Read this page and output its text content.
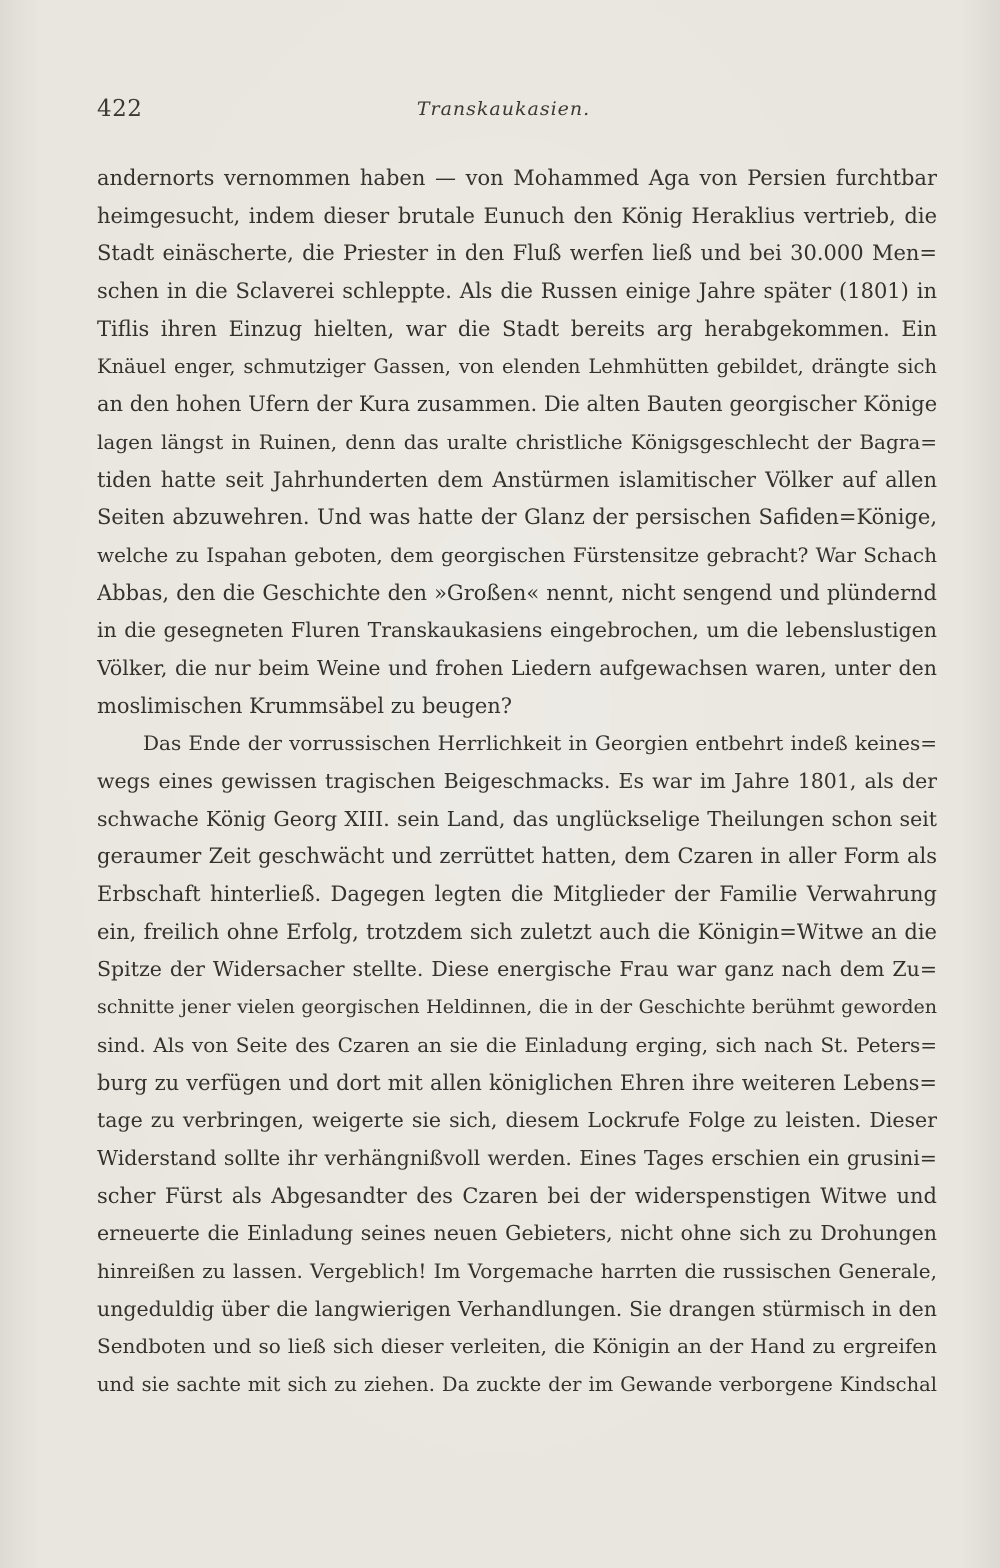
422	Transkaukasien.
andernorts vernommen haben — von Mohammed Aga von Persien furchtbar
heimgesucht, indem dieser brutale Eunuch den König Heraklius vertrieb, die
Stadt einäscherte, die Priester in den Fluß werfen ließ und bei 30.000 Men=
schen in die Sclaverei schleppte. Als die Russen einige Jahre später (1801) in
Tiflis ihren Einzug hielten, war die Stadt bereits arg herabgekommen. Ein
Knäuel enger, schmutziger Gassen, von elenden Lehmhütten gebildet, drängte sich
an den hohen Ufern der Kura zusammen. Die alten Bauten georgischer Könige
lagen längst in Ruinen, denn das uralte christliche Königsgeschlecht der Bagra=
tiden hatte seit Jahrhunderten dem Anstürmen islamitischer Völker auf allen
Seiten abzuwehren. Und was hatte der Glanz der persischen Safiden=Könige,
welche zu Ispahan geboten, dem georgischen Fürstensitze gebracht? War Schach
Abbas, den die Geschichte den »Großen« nennt, nicht sengend und plündernd
in die gesegneten Fluren Transkaukasiens eingebrochen, um die lebenslustigen
Völker, die nur beim Weine und frohen Liedern aufgewachsen waren, unter den
moslimischen Krummsäbel zu beugen?
Das Ende der vorrussischen Herrlichkeit in Georgien entbehrt indeß keines=
wegs eines gewissen tragischen Beigeschmacks. Es war im Jahre 1801, als der
schwache König Georg XIII. sein Land, das unglückselige Theilungen schon seit
geraumer Zeit geschwächt und zerrüttet hatten, dem Czaren in aller Form als
Erbschaft hinterließ. Dagegen legten die Mitglieder der Familie Verwahrung
ein, freilich ohne Erfolg, trotzdem sich zuletzt auch die Königin=Witwe an die
Spitze der Widersacher stellte. Diese energische Frau war ganz nach dem Zu=
schnitte jener vielen georgischen Heldinnen, die in der Geschichte berühmt geworden
sind. Als von Seite des Czaren an sie die Einladung erging, sich nach St. Peters=
burg zu verfügen und dort mit allen königlichen Ehren ihre weiteren Lebens=
tage zu verbringen, weigerte sie sich, diesem Lockrufe Folge zu leisten. Dieser
Widerstand sollte ihr verhängnißvoll werden. Eines Tages erschien ein grusini=
scher Fürst als Abgesandter des Czaren bei der widerspenstigen Witwe und
erneuerte die Einladung seines neuen Gebieters, nicht ohne sich zu Drohungen
hinreißen zu lassen. Vergeblich! Im Vorgemache harrten die russischen Generale,
ungeduldig über die langwierigen Verhandlungen. Sie drangen stürmisch in den
Sendboten und so ließ sich dieser verleiten, die Königin an der Hand zu ergreifen
und sie sachte mit sich zu ziehen. Da zuckte der im Gewande verborgene Kindschal
